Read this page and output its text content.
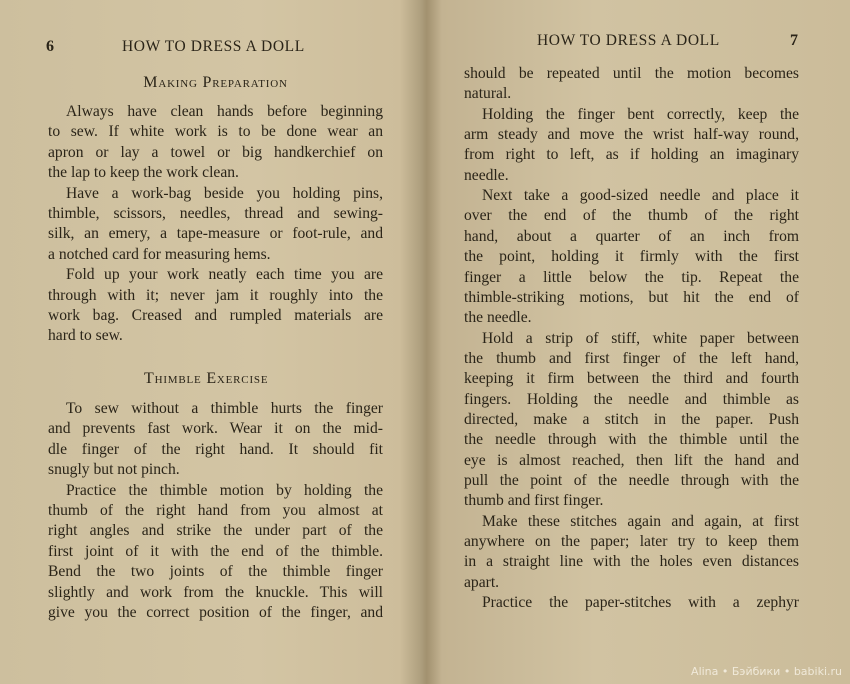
6	HOW TO DRESS A DOLL
Making Preparation
Always have clean hands before beginning
to sew. If white work is to be done wear an
apron or lay a towel or big handkerchief on
the lap to keep the work clean.
Have a work-bag beside you holding pins,
thimble, scissors, needles, thread and sewing-
silk, an emery, a tape-measure or foot-rule, and
a notched card for measuring hems.
Fold up your work neatly each time you are
through with it; never jam it roughly into the
work bag. Creased and rumpled materials are
hard to sew.
Thimble Exercise
To sew without a thimble hurts the finger
and prevents fast work. Wear it on the mid-
dle finger of the right hand. It should fit
snugly but not pinch.
Practice the thimble motion by holding the
thumb of the right hand from you almost at
right angles and strike the under part of the
first joint of it with the end of the thimble.
Bend the two joints of the thimble finger
slightly and work from the knuckle. This will
give you the correct position of the finger, and
HOW TO DRESS A DOLL	7
should be repeated until the motion becomes
natural.
Holding the finger bent correctly, keep the
arm steady and move the wrist half-way round,
from right to left, as if holding an imaginary
needle.
Next take a good-sized needle and place it
over the end of the thumb of the right
hand, about a quarter of an inch from
the point, holding it firmly with the first
finger a little below the tip. Repeat the
thimble-striking motions, but hit the end of
the needle.
Hold a strip of stiff, white paper between
the thumb and first finger of the left hand,
keeping it firm between the third and fourth
fingers. Holding the needle and thimble as
directed, make a stitch in the paper. Push
the needle through with the thimble until the
eye is almost reached, then lift the hand and
pull the point of the needle through with the
thumb and first finger.
Make these stitches again and again, at first
anywhere on the paper; later try to keep them
in a straight line with the holes even distances
apart.
Practice the paper-stitches with a zephyr
Alina • Бэйбики • babiki.ru
